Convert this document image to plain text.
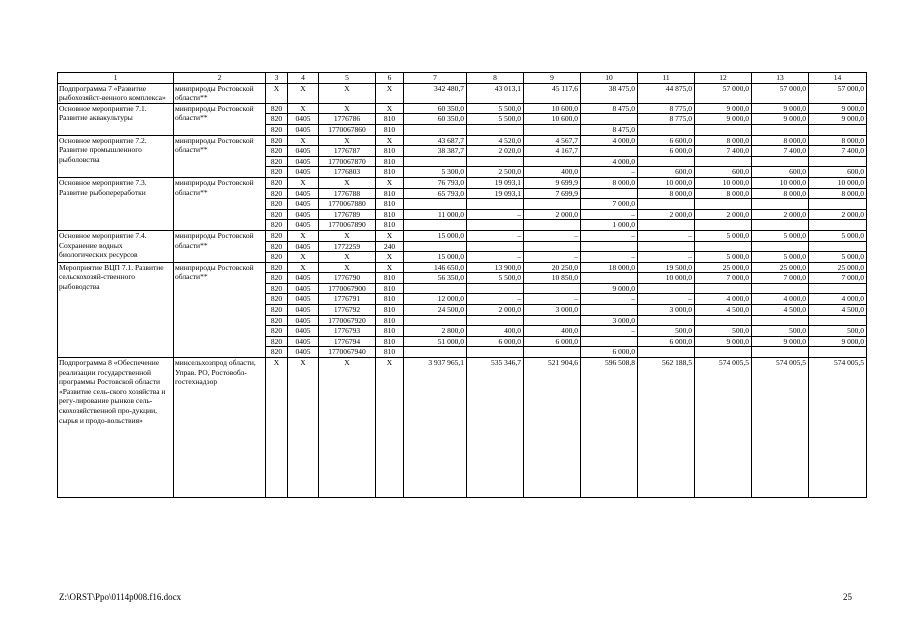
1	2	3	4	5	6	7	8	9	10	11	12	13	14
Подпрограмма 7 «Развитие рыбохозяйст-венного комплекса»	минприроды Ростовской области**	Х	Х	Х	Х	342 480,7	43 013,1	45 117,6	38 475,0	44 875,0	57 000,0	57 000,0	57 000,0
Основное мероприятие 7.1. Развитие аквакультуры	минприроды Ростовской области**	820	Х	Х	Х	60 350,0	5 500,0	10 600,0	8 475,0	8 775,0	9 000,0	9 000,0	9 000,0
		820	0405	1776786	810	60 350,0	5 500,0	10 600,0		8 775,0	9 000,0	9 000,0	9 000,0
		820	0405	1770067860	810				8 475,0				
Основное мероприятие 7.2. Развитие промышленного рыболовства	минприроды Ростовской области**	820	Х	Х	Х	43 687,7	4 520,0	4 567,7	4 000,0	6 600,0	8 000,0	8 000,0	8 000,0
		820	0405	1776787	810	38 387,7	2 020,0	4 167,7		6 000,0	7 400,0	7 400,0	7 400,0
		820	0405	1770067870	810				4 000,0				
		820	0405	1776803	810	5 300,0	2 500,0	400,0	–	600,0	600,0	600,0	600,0
Основное мероприятие 7.3. Развитие рыбопереработки	минприроды Ростовской области**	820	Х	Х	Х	76 793,0	19 093,1	9 699,9	8 000,0	10 000,0	10 000,0	10 000,0	10 000,0
		820	0405	1776788	810	65 793,0	19 093,1	7 699,9		8 000,0	8 000,0	8 000,0	8 000,0
		820	0405	1770067880	810				7 000,0				
		820	0405	1776789	810	11 000,0	–	2 000,0	–	2 000,0	2 000,0	2 000,0	2 000,0
		820	0405	1770067890	810				1 000,0				
Основное мероприятие 7.4. Сохранение водных биологических ресурсов	минприроды Ростовской области**	820	Х	Х	Х	15 000,0	–	–	–	–	5 000,0	5 000,0	5 000,0
		820	0405	1772259	240								
		820	Х	Х	Х	15 000,0	–	–	–	–	5 000,0	5 000,0	5 000,0
Мероприятие ВЦП 7.1. Развитие сельскохозяй-ственного рыбоводства	минприроды Ростовской области**	820	Х	Х	Х	146 650,0	13 900,0	20 250,0	18 000,0	19 500,0	25 000,0	25 000,0	25 000,0
		820	0405	1776790	810	56 350,0	5 500,0	10 850,0		10 000,0	7 000,0	7 000,0	7 000,0
		820	0405	1770067900	810				9 000,0				
		820	0405	1776791	810	12 000,0	–	–	–	–	4 000,0	4 000,0	4 000,0
		820	0405	1776792	810	24 500,0	2 000,0	3 000,0		3 000,0	4 500,0	4 500,0	4 500,0
		820	0405	1770067920	810				3 000,0				
		820	0405	1776793	810	2 800,0	400,0	400,0	–	500,0	500,0	500,0	500,0
		820	0405	1776794	810	51 000,0	6 000,0	6 000,0		6 000,0	9 000,0	9 000,0	9 000,0
		820	0405	1770067940	810				6 000,0				
Подпрограмма 8 «Обеспечение реализации государственной программы Ростовской области «Развитие сель-ского хозяйства и регу-лирование рынков сель-скохозяйственной про-дукции, сырья и продо-вольствия»	минсельхозпрод области, Управ. РО, Ростовобл-гостехнадзор	Х	Х	Х	Х	3 937 965,1	535 346,7	521 904,6	596 508,8	562 188,5	574 005,5	574 005,5	574 005,5
Z:\ORST\Ppo\0114p008.f16.docx	25
